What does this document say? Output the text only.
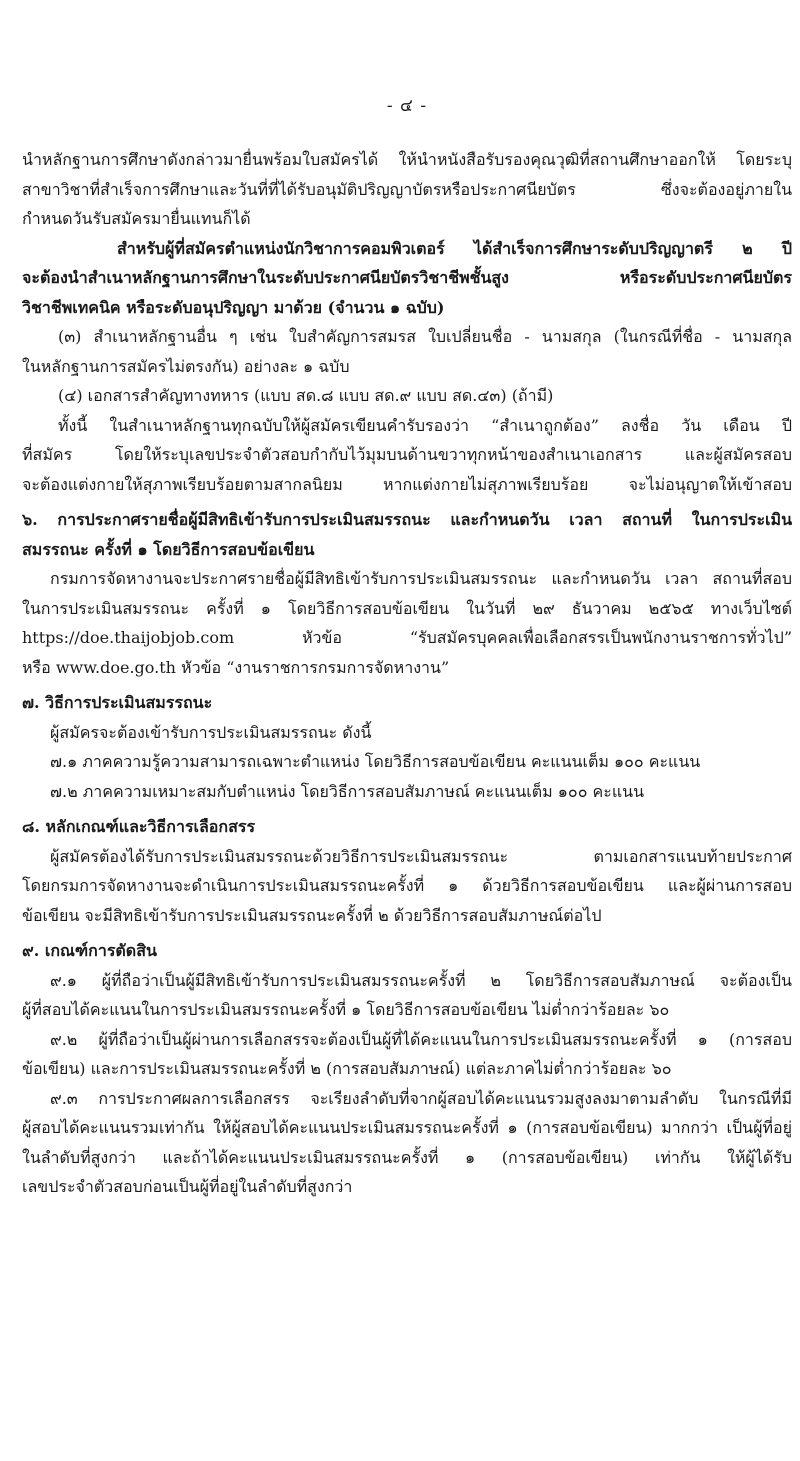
- ๔ -
นำหลักฐานการศึกษาดังกล่าวมายื่นพร้อมใบสมัครได้ ให้นำหนังสือรับรองคุณวุฒิที่สถานศึกษาออกให้ โดยระบุ
สาขาวิชาที่สำเร็จการศึกษาและวันที่ที่ได้รับอนุมัติปริญญาบัตรหรือประกาศนียบัตร ซึ่งจะต้องอยู่ภายใน
กำหนดวันรับสมัครมายื่นแทนก็ได้
สำหรับผู้ที่สมัครตำแหน่งนักวิชาการคอมพิวเตอร์ ได้สำเร็จการศึกษาระดับปริญญาตรี ๒ ปี
จะต้องนำสำเนาหลักฐานการศึกษาในระดับประกาศนียบัตรวิชาชีพชั้นสูง หรือระดับประกาศนียบัตร
วิชาชีพเทคนิค หรือระดับอนุปริญญา มาด้วย (จำนวน ๑ ฉบับ)
(๓) สำเนาหลักฐานอื่น ๆ เช่น ใบสำคัญการสมรส ใบเปลี่ยนชื่อ - นามสกุล (ในกรณีที่ชื่อ - นามสกุล
ในหลักฐานการสมัครไม่ตรงกัน) อย่างละ ๑ ฉบับ
(๔) เอกสารสำคัญทางทหาร (แบบ สด.๘ แบบ สด.๙ แบบ สด.๔๓) (ถ้ามี)
ทั้งนี้ ในสำเนาหลักฐานทุกฉบับให้ผู้สมัครเขียนคำรับรองว่า “สำเนาถูกต้อง” ลงชื่อ วัน เดือน ปี
ที่สมัคร โดยให้ระบุเลขประจำตัวสอบกำกับไว้มุมบนด้านขวาทุกหน้าของสำเนาเอกสาร และผู้สมัครสอบ
จะต้องแต่งกายให้สุภาพเรียบร้อยตามสากลนิยม หากแต่งกายไม่สุภาพเรียบร้อย จะไม่อนุญาตให้เข้าสอบ
๖. การประกาศรายชื่อผู้มีสิทธิเข้ารับการประเมินสมรรถนะ และกำหนดวัน เวลา สถานที่ ในการประเมิน
สมรรถนะ ครั้งที่ ๑ โดยวิธีการสอบข้อเขียน
กรมการจัดหางานจะประกาศรายชื่อผู้มีสิทธิเข้ารับการประเมินสมรรถนะ และกำหนดวัน เวลา สถานที่สอบ
ในการประเมินสมรรถนะ ครั้งที่ ๑ โดยวิธีการสอบข้อเขียน ในวันที่ ๒๙ ธันวาคม ๒๕๖๕ ทางเว็บไซต์
https://doe.thaijobjob.com หัวข้อ “รับสมัครบุคคลเพื่อเลือกสรรเป็นพนักงานราชการทั่วไป”
หรือ www.doe.go.th หัวข้อ “งานราชการกรมการจัดหางาน”
๗. วิธีการประเมินสมรรถนะ
ผู้สมัครจะต้องเข้ารับการประเมินสมรรถนะ ดังนี้
๗.๑ ภาคความรู้ความสามารถเฉพาะตำแหน่ง โดยวิธีการสอบข้อเขียน คะแนนเต็ม ๑๐๐ คะแนน
๗.๒ ภาคความเหมาะสมกับตำแหน่ง โดยวิธีการสอบสัมภาษณ์ คะแนนเต็ม ๑๐๐ คะแนน
๘. หลักเกณฑ์และวิธีการเลือกสรร
ผู้สมัครต้องได้รับการประเมินสมรรถนะด้วยวิธีการประเมินสมรรถนะ ตามเอกสารแนบท้ายประกาศ
โดยกรมการจัดหางานจะดำเนินการประเมินสมรรถนะครั้งที่ ๑ ด้วยวิธีการสอบข้อเขียน และผู้ผ่านการสอบ
ข้อเขียน จะมีสิทธิเข้ารับการประเมินสมรรถนะครั้งที่ ๒ ด้วยวิธีการสอบสัมภาษณ์ต่อไป
๙. เกณฑ์การตัดสิน
๙.๑ ผู้ที่ถือว่าเป็นผู้มีสิทธิเข้ารับการประเมินสมรรถนะครั้งที่ ๒ โดยวิธีการสอบสัมภาษณ์ จะต้องเป็น
ผู้ที่สอบได้คะแนนในการประเมินสมรรถนะครั้งที่ ๑ โดยวิธีการสอบข้อเขียน ไม่ต่ำกว่าร้อยละ ๖๐
๙.๒ ผู้ที่ถือว่าเป็นผู้ผ่านการเลือกสรรจะต้องเป็นผู้ที่ได้คะแนนในการประเมินสมรรถนะครั้งที่ ๑ (การสอบ
ข้อเขียน) และการประเมินสมรรถนะครั้งที่ ๒ (การสอบสัมภาษณ์) แต่ละภาคไม่ต่ำกว่าร้อยละ ๖๐
๙.๓ การประกาศผลการเลือกสรร จะเรียงลำดับที่จากผู้สอบได้คะแนนรวมสูงลงมาตามลำดับ ในกรณีที่มี
ผู้สอบได้คะแนนรวมเท่ากัน ให้ผู้สอบได้คะแนนประเมินสมรรถนะครั้งที่ ๑ (การสอบข้อเขียน) มากกว่า เป็นผู้ที่อยู่
ในลำดับที่สูงกว่า และถ้าได้คะแนนประเมินสมรรถนะครั้งที่ ๑ (การสอบข้อเขียน) เท่ากัน ให้ผู้ได้รับ
เลขประจำตัวสอบก่อนเป็นผู้ที่อยู่ในลำดับที่สูงกว่า
